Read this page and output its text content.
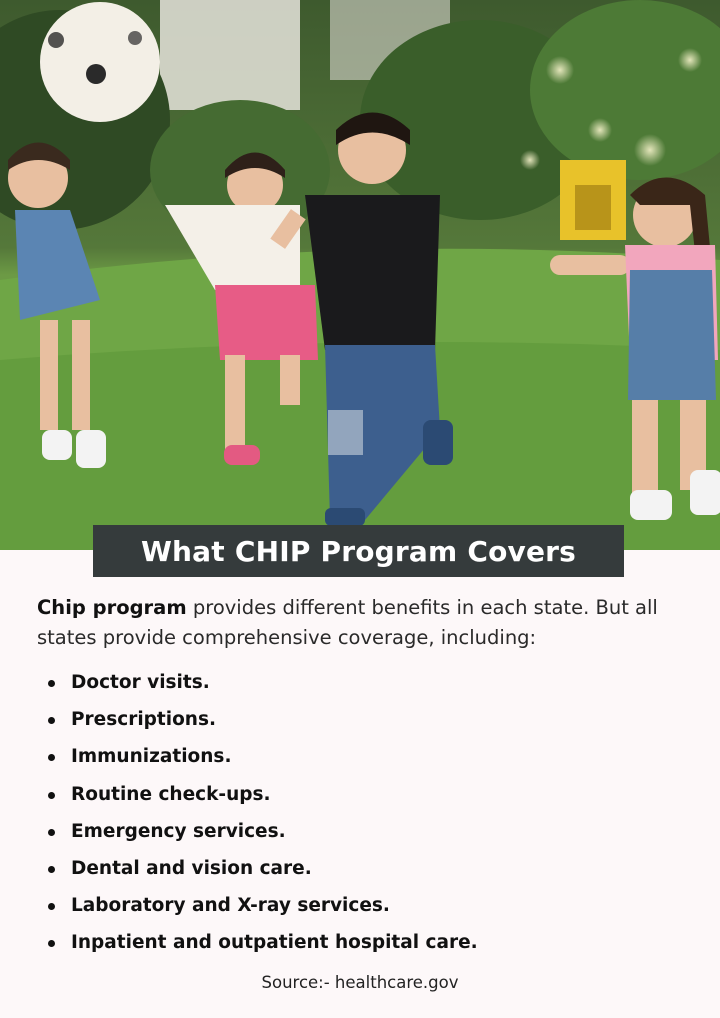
What CHIP Program Covers

Chip program provides different benefits in each state. But all states provide comprehensive coverage, including:

Doctor visits.
Prescriptions.
Immunizations.
Routine check-ups.
Emergency services.
Dental and vision care.
Laboratory and X-ray services.
Inpatient and outpatient hospital care.
Source:- healthcare.gov
